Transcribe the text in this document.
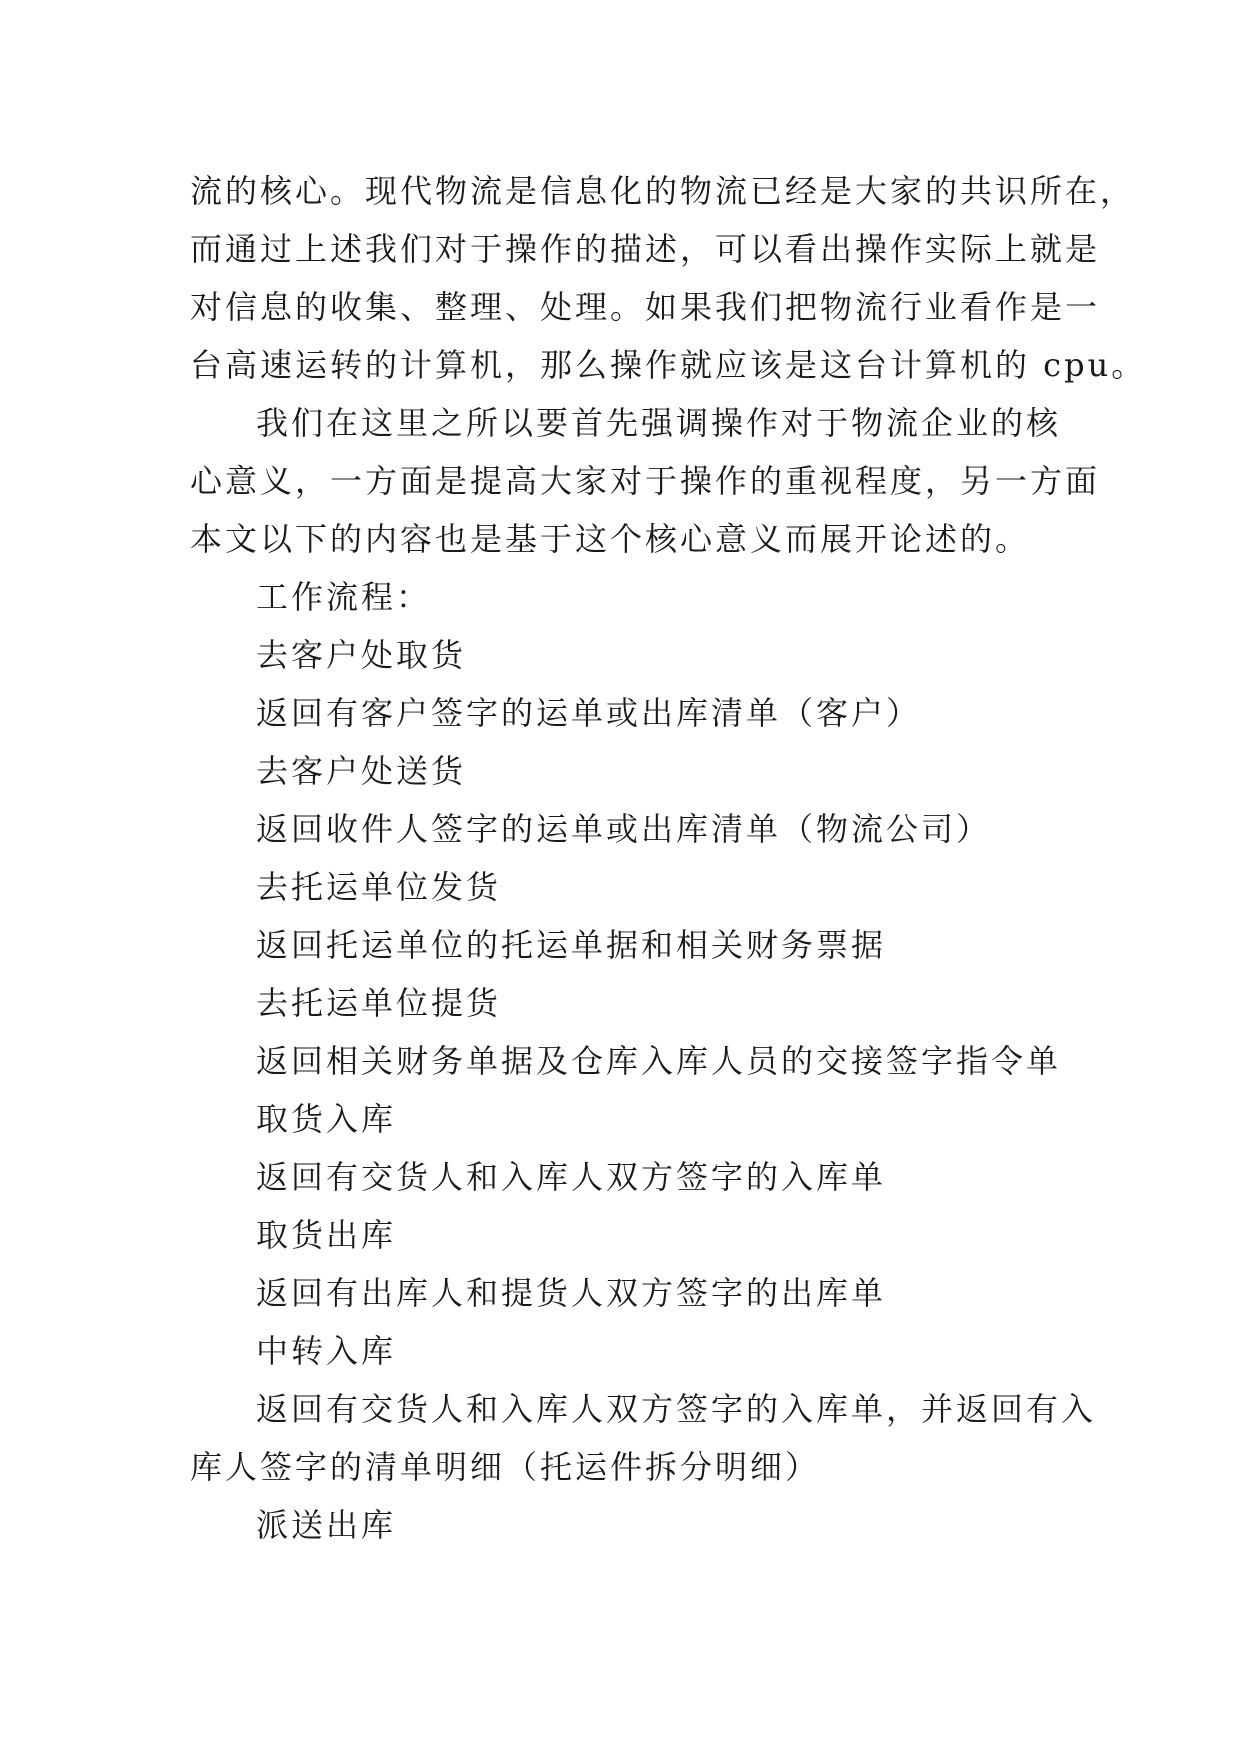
流的核心。现代物流是信息化的物流已经是大家的共识所在，
而通过上述我们对于操作的描述，可以看出操作实际上就是
对信息的收集、整理、处理。如果我们把物流行业看作是一
台高速运转的计算机，那么操作就应该是这台计算机的 cpu。
我们在这里之所以要首先强调操作对于物流企业的核
心意义，一方面是提高大家对于操作的重视程度，另一方面
本文以下的内容也是基于这个核心意义而展开论述的。
工作流程：
去客户处取货
返回有客户签字的运单或出库清单（客户）
去客户处送货
返回收件人签字的运单或出库清单（物流公司）
去托运单位发货
返回托运单位的托运单据和相关财务票据
去托运单位提货
返回相关财务单据及仓库入库人员的交接签字指令单
取货入库
返回有交货人和入库人双方签字的入库单
取货出库
返回有出库人和提货人双方签字的出库单
中转入库
返回有交货人和入库人双方签字的入库单，并返回有入
库人签字的清单明细（托运件拆分明细）
派送出库
